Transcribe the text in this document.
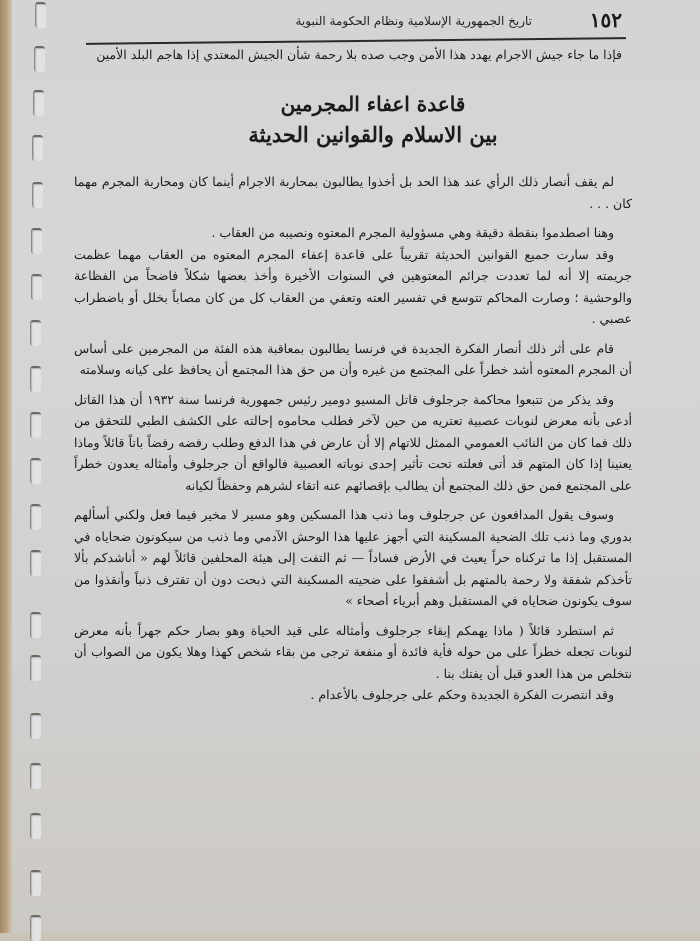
١٥٢
تاريخ الجمهورية الإسلامية ونظام الحكومة النبوية

فإذا ما جاء جيش الاجرام يهدد هذا الأمن وجب صده بلا رحمة شأن الجيش المعتدي إذا هاجم البلد الأمين

قاعدة اعفاء المجرمين
بين الاسلام والقوانين الحديثة

لم يقف أنصار ذلك الرأي عند هذا الحد بل أخذوا يطالبون بمحاربة الاجرام أينما كان ومحاربة المجرم مهما كان . . .

وهنا اصطدموا بنقطة دقيقة وهي مسؤولية المجرم المعتوه ونصيبه من العقاب .

وقد سارت جميع القوانين الحديثة تقريباً على قاعدة إعفاء المجرم المعتوه من العقاب مهما عظمت جريمته إلا أنه لما تعددت جرائم المعتوهين في السنوات الأخيرة وأخذ بعضها شكلاً فاضحاً من الفظاعة والوحشية ؛ وصارت المحاكم تتوسع في تفسير العته وتعفي من العقاب كل من كان مصاباً بخلل أو باضطراب عصبي .

قام على أثر ذلك أنصار الفكرة الجديدة في فرنسا يطالبون بمعاقبة هذه الفئة من المجرمين على أساس أن المجرم المعتوه أشد خطراً على المجتمع من غيره وأن من حق هذا المجتمع أن يحافظ على كيانه وسلامته

وقد يذكر من تتبعوا محاكمة جرجلوف قاتل المسيو دومير رئيس جمهورية فرنسا سنة ١٩٣٢ أن هذا القاتل أدعى بأنه معرض لنوبات عصبية تعتريه من حين لآخر فطلب محاموه إحالته على الكشف الطبي للتحقق من ذلك فما كان من النائب العمومي الممثل للاتهام إلا أن عارض في هذا الدفع وطلب رفضه رفضاً باتاً قائلاً وماذا يعنينا إذا كان المتهم قد أتى فعلته تحت تأثير إحدى نوباته العصبية فالواقع أن جرجلوف وأمثاله يعدون خطراً على المجتمع فمن حق ذلك المجتمع أن يطالب بإقصائهم عنه اتقاء لشرهم وحفظاً لكيانه

وسوف يقول المدافعون عن جرجلوف وما ذنب هذا المسكين وهو مسير لا مخير فيما فعل ولكني أسألهم بدوري وما ذنب تلك الضحية المسكينة التي أجهز عليها هذا الوحش الآدمي وما ذنب من سيكونون ضحاياه في المستقبل إذا ما تركناه حراً يعيث في الأرض فساداً — ثم التفت إلى هيئة المحلفين قائلاً لهم « أناشدكم بألا تأخذكم شفقة ولا رحمة بالمتهم بل أشفقوا على ضحيته المسكينة التي ذبحت دون أن تقترف ذنباً وأنقذوا من سوف يكونون ضحاياه في المستقبل وهم أبرياء أصحاء »

ثم استطرد قائلاً ( ماذا يهمكم إبقاء جرجلوف وأمثاله على قيد الحياة وهو بصار حكم جهراً بأنه معرض لنوبات تجعله خطراً على من حوله فأية فائدة أو منفعة ترجى من بقاء شخص كهذا وهلا يكون من الصواب أن نتخلص من هذا العدو قبل أن يفتك بنا .

وقد انتصرت الفكرة الجديدة وحكم على جرجلوف بالأعدام .
